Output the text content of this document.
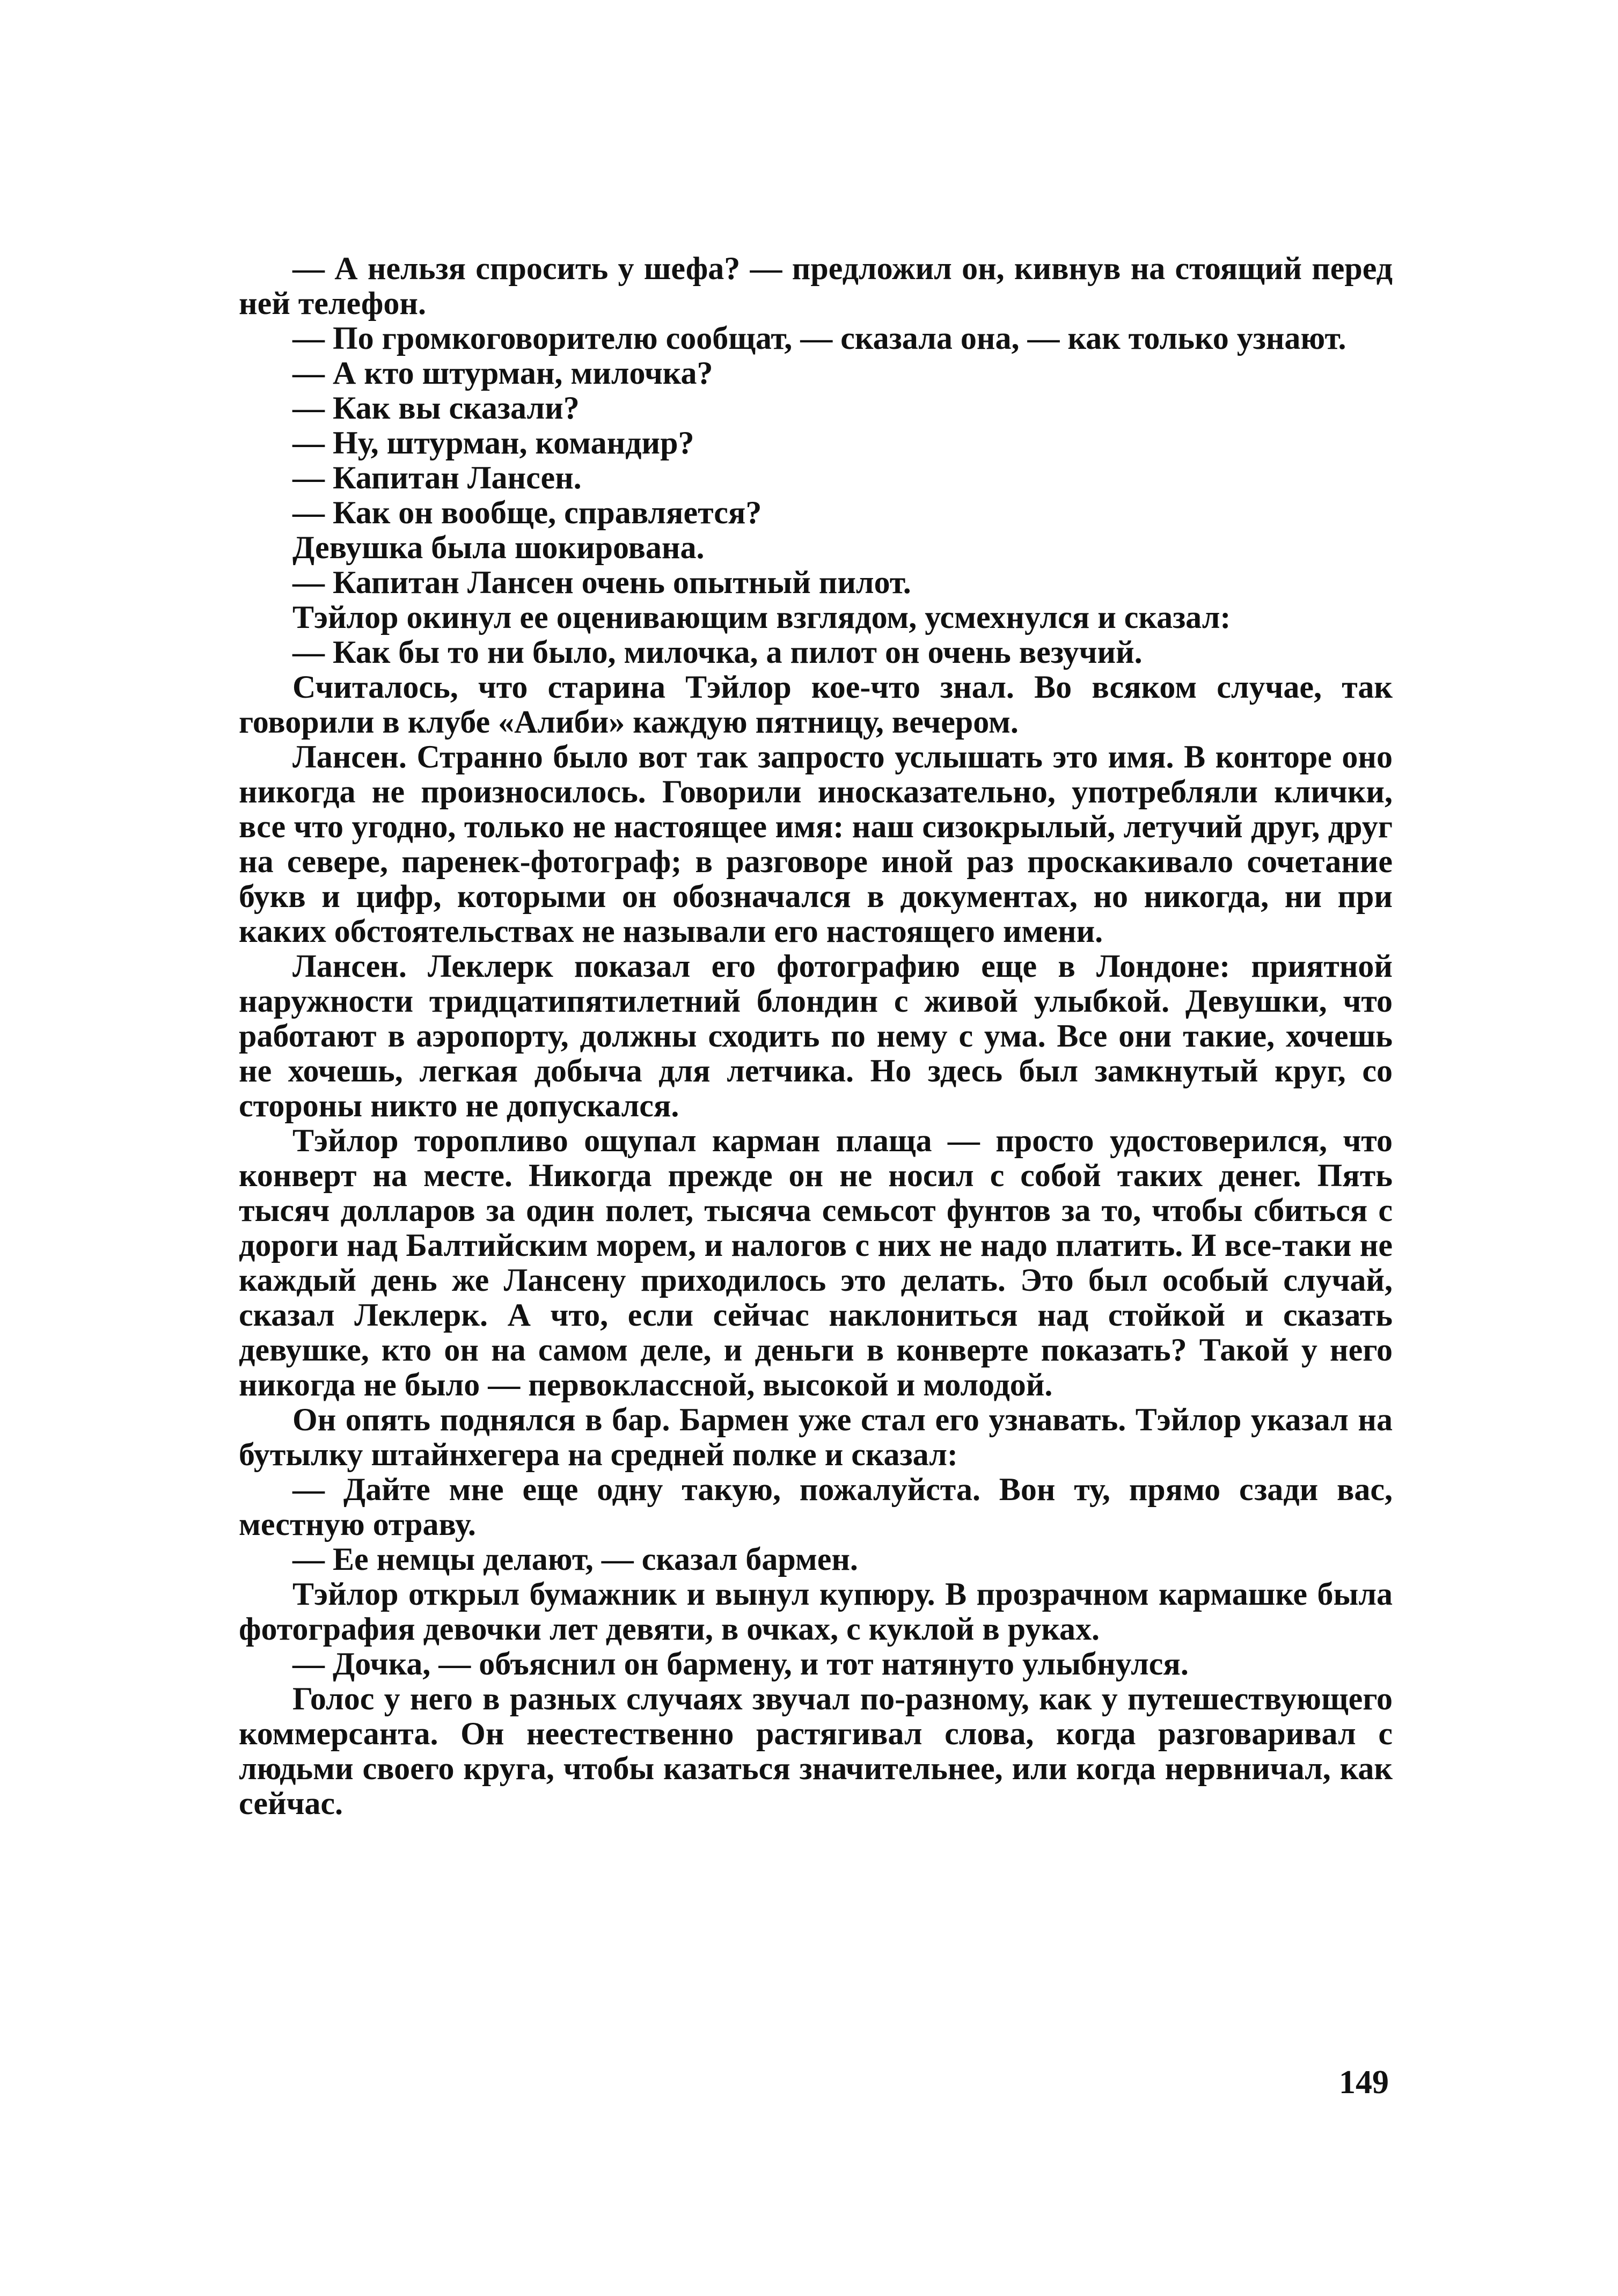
— А нельзя спросить у шефа? — предложил он, кивнув на стоящий перед ней телефон.

— По громкоговорителю сообщат, — сказала она, — как только узнают.

— А кто штурман, милочка?

— Как вы сказали?

— Ну, штурман, командир?

— Капитан Лансен.

— Как он вообще, справляется?

Девушка была шокирована.

— Капитан Лансен очень опытный пилот.

Тэйлор окинул ее оценивающим взглядом, усмехнулся и сказал:

— Как бы то ни было, милочка, а пилот он очень везучий.

Считалось, что старина Тэйлор кое-что знал. Во всяком случае, так говорили в клубе «Алиби» каждую пятницу, вечером.

Лансен. Странно было вот так запросто услышать это имя. В конторе оно никогда не произносилось. Говорили иносказательно, употребляли клички, все что угодно, только не настоящее имя: наш сизокрылый, летучий друг, друг на севере, паренек-фотограф; в разговоре иной раз проскакивало сочетание букв и цифр, которыми он обозначался в документах, но никогда, ни при каких обстоятельствах не называли его настоящего имени.

Лансен. Леклерк показал его фотографию еще в Лондоне: приятной наружности тридцатипятилетний блондин с живой улыбкой. Девушки, что работают в аэропорту, должны сходить по нему с ума. Все они такие, хочешь не хочешь, легкая добыча для летчика. Но здесь был замкнутый круг, со стороны никто не допускался.

Тэйлор торопливо ощупал карман плаща — просто удостоверился, что конверт на месте. Никогда прежде он не носил с собой таких денег. Пять тысяч долларов за один полет, тысяча семьсот фунтов за то, чтобы сбиться с дороги над Балтийским морем, и налогов с них не надо платить. И все-таки не каждый день же Лансену приходилось это делать. Это был особый случай, сказал Леклерк. А что, если сейчас наклониться над стойкой и сказать девушке, кто он на самом деле, и деньги в конверте показать? Такой у него никогда не было — первоклассной, высокой и молодой.

Он опять поднялся в бар. Бармен уже стал его узнавать. Тэйлор указал на бутылку штайнхегера на средней полке и сказал:

— Дайте мне еще одну такую, пожалуйста. Вон ту, прямо сзади вас, местную отраву.

— Ее немцы делают, — сказал бармен.

Тэйлор открыл бумажник и вынул купюру. В прозрачном кармашке была фотография девочки лет девяти, в очках, с куклой в руках.

— Дочка, — объяснил он бармену, и тот натянуто улыбнулся.

Голос у него в разных случаях звучал по-разному, как у путешествующего коммерсанта. Он неестественно растягивал слова, когда разговаривал с людьми своего круга, чтобы казаться значительнее, или когда нервничал, как сейчас.

149
